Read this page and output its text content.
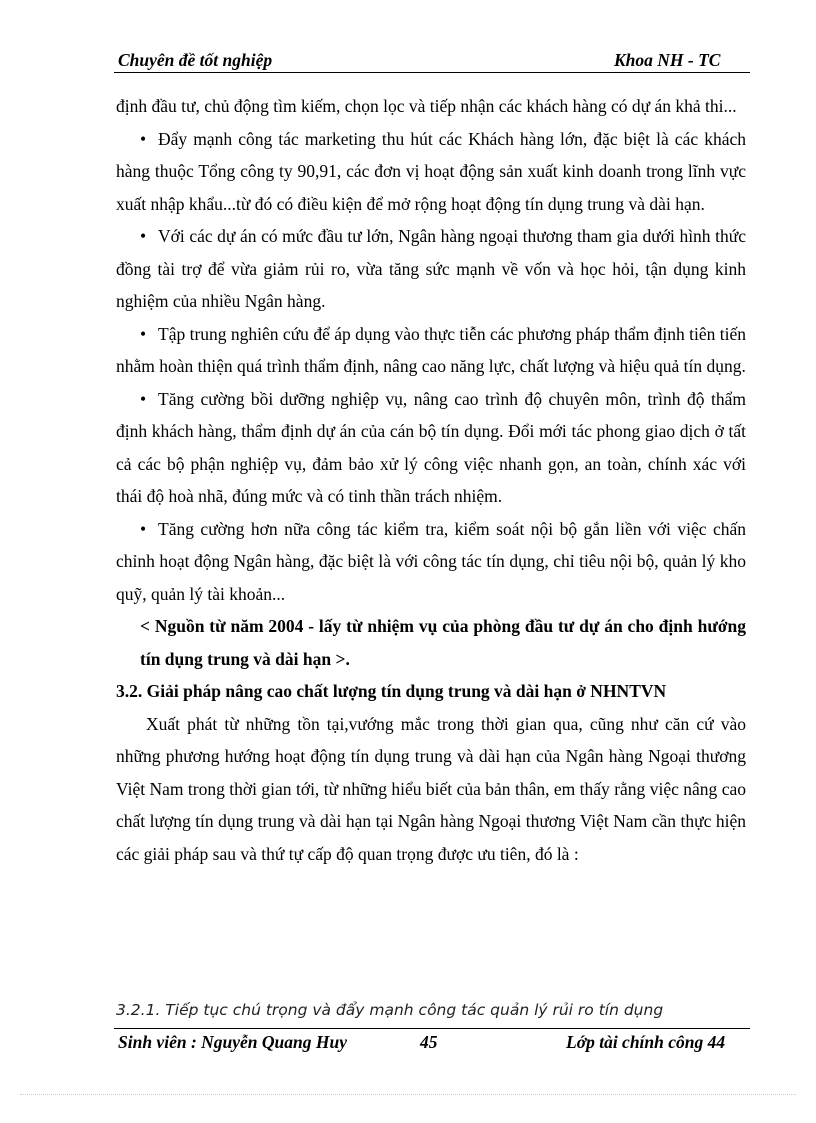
Chuyên đề tốt nghiệp	Khoa NH - TC

định đầu tư, chủ động tìm kiếm, chọn lọc và tiếp nhận các khách hàng có dự án khả thi...

• Đẩy mạnh công tác marketing thu hút các Khách hàng lớn, đặc biệt là các khách hàng thuộc Tổng công ty 90,91, các đơn vị hoạt động sản xuất kinh doanh trong lĩnh vực xuất nhập khẩu...từ đó có điều kiện để mở rộng hoạt động tín dụng trung và dài hạn.

• Với các dự án có mức đầu tư lớn, Ngân hàng ngoại thương tham gia dưới hình thức đồng tài trợ để vừa giảm rủi ro, vừa tăng sức mạnh về vốn và học hỏi, tận dụng kinh nghiệm của nhiều Ngân hàng.

• Tập trung nghiên cứu để áp dụng vào thực tiễn các phương pháp thẩm định tiên tiến nhằm hoàn thiện quá trình thẩm định, nâng cao năng lực, chất lượng và hiệu quả tín dụng.

• Tăng cường bồi dưỡng nghiệp vụ, nâng cao trình độ chuyên môn, trình độ thẩm định khách hàng, thẩm định dự án của cán bộ tín dụng. Đổi mới tác phong giao dịch ở tất cả các bộ phận nghiệp vụ, đảm bảo xử lý công việc nhanh gọn, an toàn, chính xác với thái độ hoà nhã, đúng mức và có tinh thần trách nhiệm.

• Tăng cường hơn nữa công tác kiểm tra, kiểm soát nội bộ gắn liền với việc chấn chỉnh hoạt động Ngân hàng, đặc biệt là với công tác tín dụng, chỉ tiêu nội bộ, quản lý kho quỹ, quản lý tài khoản...

< Nguồn từ năm 2004 - lấy từ nhiệm vụ của phòng đầu tư dự án cho định hướng tín dụng trung và dài hạn >.

3.2. Giải pháp nâng cao chất lượng tín dụng trung và dài hạn ở NHNTVN

Xuất phát từ những tồn tại,vướng mắc trong thời gian qua, cũng như căn cứ vào những phương hướng hoạt động tín dụng trung và dài hạn của Ngân hàng Ngoại thương Việt Nam trong thời gian tới, từ những hiểu biết của bản thân, em thấy rằng việc nâng cao chất lượng tín dụng trung và dài hạn tại Ngân hàng Ngoại thương Việt Nam cần thực hiện các giải pháp sau và thứ tự cấp độ quan trọng được ưu tiên, đó là :

3.2.1. Tiếp tục chú trọng và đẩy mạnh công tác quản lý rủi ro tín dụng
Sinh viên : Nguyễn Quang Huy	45	Lớp tài chính công 44
